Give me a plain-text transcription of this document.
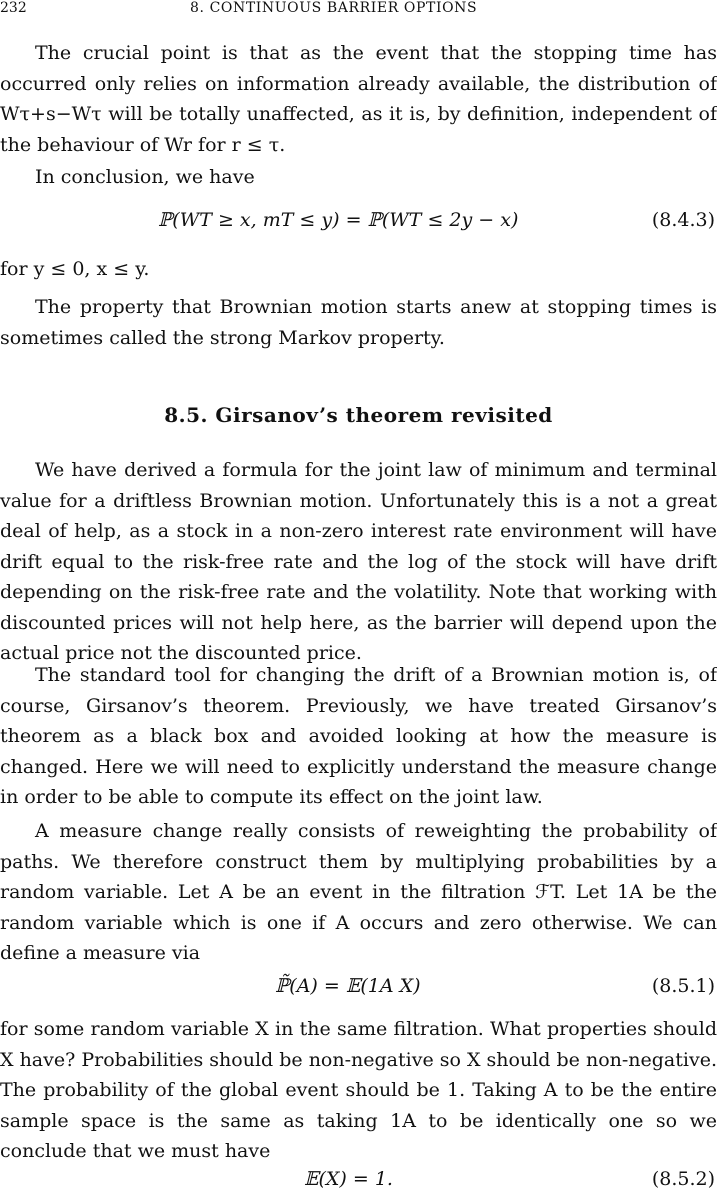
232	8. CONTINUOUS BARRIER OPTIONS

The crucial point is that as the event that the stopping time has occurred only relies on information already available, the distribution of Wτ+s−Wτ will be totally unaffected, as it is, by definition, independent of the behaviour of Wr for r ≤ τ.

In conclusion, we have

ℙ(WT ≥ x, mT ≤ y) = ℙ(WT ≤ 2y − x)	(8.4.3)

for y ≤ 0, x ≤ y.

The property that Brownian motion starts anew at stopping times is sometimes called the strong Markov property.

8.5. Girsanov’s theorem revisited

We have derived a formula for the joint law of minimum and terminal value for a driftless Brownian motion. Unfortunately this is a not a great deal of help, as a stock in a non-zero interest rate environment will have drift equal to the risk-free rate and the log of the stock will have drift depending on the risk-free rate and the volatility. Note that working with discounted prices will not help here, as the barrier will depend upon the actual price not the discounted price.

The standard tool for changing the drift of a Brownian motion is, of course, Girsanov’s theorem. Previously, we have treated Girsanov’s theorem as a black box and avoided looking at how the measure is changed. Here we will need to explicitly understand the measure change in order to be able to compute its effect on the joint law.

A measure change really consists of reweighting the probability of paths. We therefore construct them by multiplying probabilities by a random variable. Let A be an event in the filtration ℱT. Let 1A be the random variable which is one if A occurs and zero otherwise. We can define a measure via

ℙ̃(A) = 𝔼(1A X)	(8.5.1)

for some random variable X in the same filtration. What properties should X have? Probabilities should be non-negative so X should be non-negative. The probability of the global event should be 1. Taking A to be the entire sample space is the same as taking 1A to be identically one so we conclude that we must have

𝔼(X) = 1.	(8.5.2)
